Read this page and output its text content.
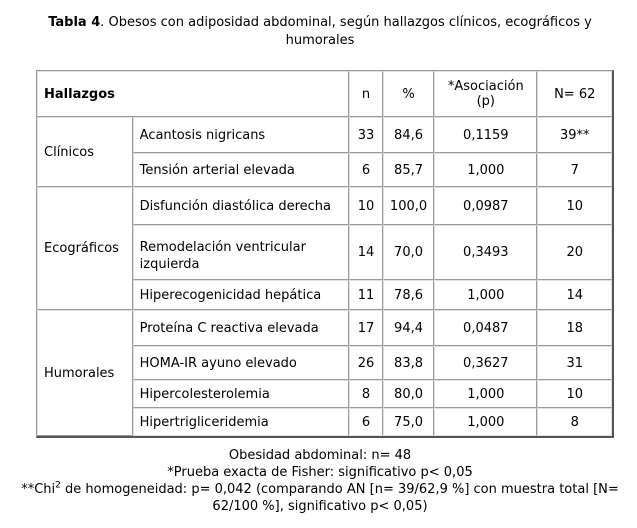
Tabla 4. Obesos con adiposidad abdominal, según hallazgos clínicos, ecográficos y humorales
Hallazgos		n	%	*Asociación (p)	N= 62
Clínicos	Acantosis nigricans	33	84,6	0,1159	39**
	Tensión arterial elevada	6	85,7	1,000	7
Ecográficos	Disfunción diastólica derecha	10	100,0	0,0987	10
	Remodelación ventricular izquierda	14	70,0	0,3493	20
	Hiperecogenicidad hepática	11	78,6	1,000	14
Humorales	Proteína C reactiva elevada	17	94,4	0,0487	18
	HOMA-IR ayuno elevado	26	83,8	0,3627	31
	Hipercolesterolemia	8	80,0	1,000	10
	Hipertrigliceridemia	6	75,0	1,000	8
Obesidad abdominal: n= 48
*Prueba exacta de Fisher: significativo p< 0,05
**Chi$^2$ de homogeneidad: p= 0,042 (comparando AN [n= 39/62,9 %] con muestra total [N= 62/100 %], significativo p< 0,05)
